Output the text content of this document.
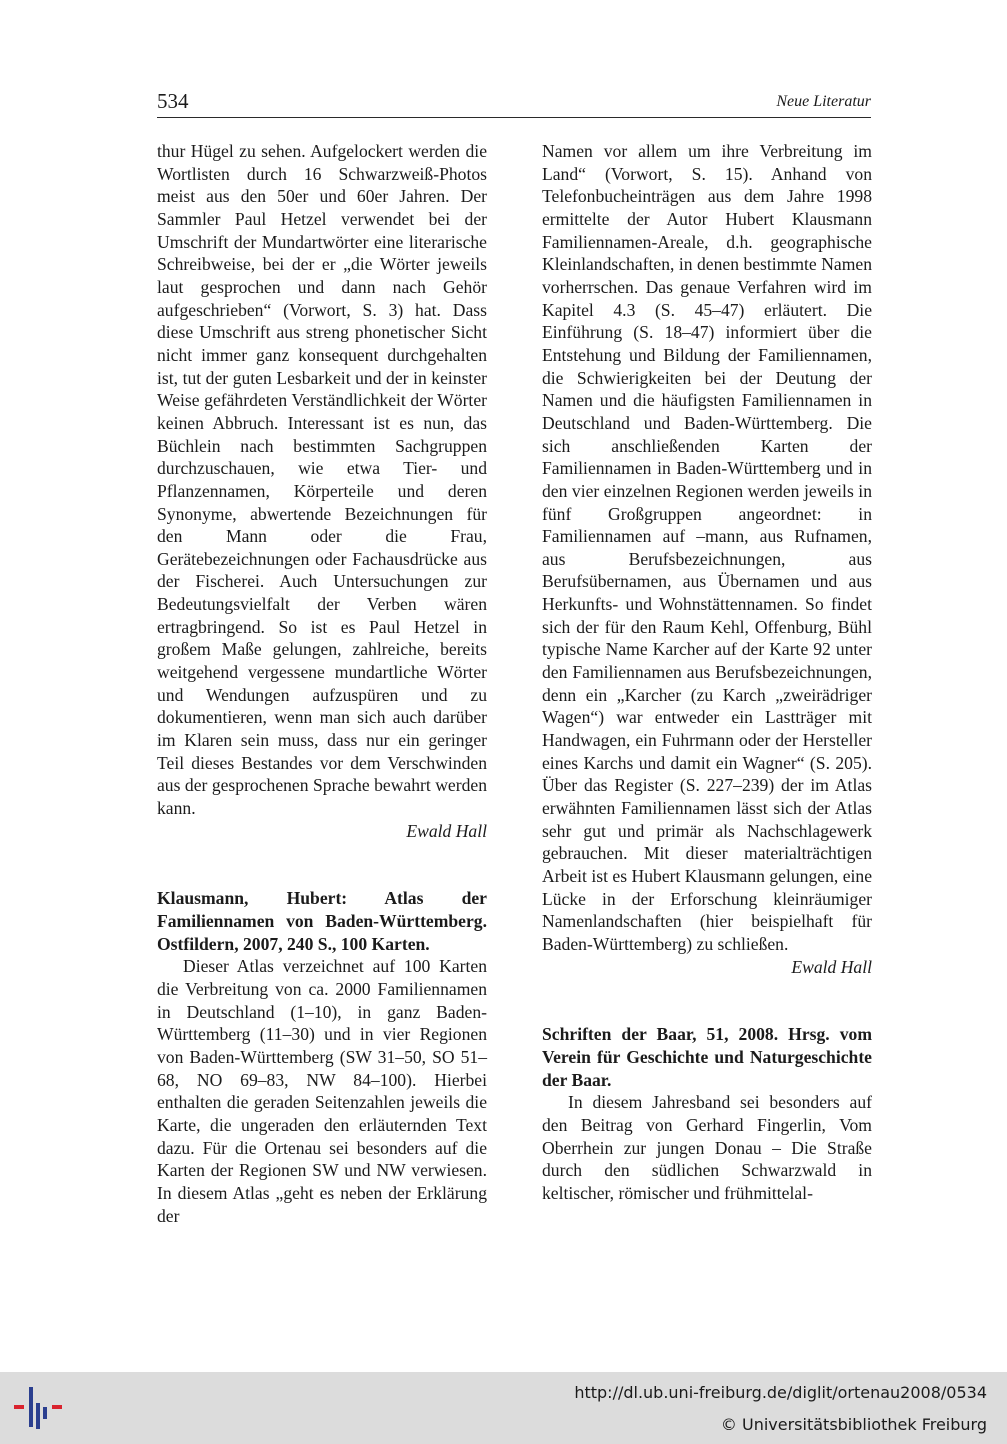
534	Neue Literatur

thur Hügel zu sehen. Aufgelockert werden die Wortlisten durch 16 Schwarzweiß-Photos meist aus den 50er und 60er Jahren. Der Sammler Paul Hetzel verwendet bei der Umschrift der Mundartwörter eine literarische Schreibweise, bei der er „die Wörter jeweils laut gesprochen und dann nach Gehör aufgeschrieben“ (Vorwort, S. 3) hat. Dass diese Umschrift aus streng phonetischer Sicht nicht immer ganz konsequent durchgehalten ist, tut der guten Lesbarkeit und der in keinster Weise gefährdeten Verständlichkeit der Wörter keinen Abbruch. Interessant ist es nun, das Büchlein nach bestimmten Sachgruppen durchzuschauen, wie etwa Tier- und Pflanzennamen, Körperteile und deren Synonyme, abwertende Bezeichnungen für den Mann oder die Frau, Gerätebezeichnungen oder Fachausdrücke aus der Fischerei. Auch Untersuchungen zur Bedeutungsvielfalt der Verben wären ertragbringend. So ist es Paul Hetzel in großem Maße gelungen, zahlreiche, bereits weitgehend vergessene mundartliche Wörter und Wendungen aufzuspüren und zu dokumentieren, wenn man sich auch darüber im Klaren sein muss, dass nur ein geringer Teil dieses Bestandes vor dem Verschwinden aus der gesprochenen Sprache bewahrt werden kann.

Ewald Hall

Klausmann, Hubert: Atlas der Familiennamen von Baden-Württemberg. Ostfildern, 2007, 240 S., 100 Karten.

Dieser Atlas verzeichnet auf 100 Karten die Verbreitung von ca. 2000 Familiennamen in Deutschland (1–10), in ganz Baden-Württemberg (11–30) und in vier Regionen von Baden-Württemberg (SW 31–50, SO 51–68, NO 69–83, NW 84–100). Hierbei enthalten die geraden Seitenzahlen jeweils die Karte, die ungeraden den erläuternden Text dazu. Für die Ortenau sei besonders auf die Karten der Regionen SW und NW verwiesen. In diesem Atlas „geht es neben der Erklärung der

Namen vor allem um ihre Verbreitung im Land“ (Vorwort, S. 15). Anhand von Telefonbucheinträgen aus dem Jahre 1998 ermittelte der Autor Hubert Klausmann Familiennamen-Areale, d.h. geographische Kleinlandschaften, in denen bestimmte Namen vorherrschen. Das genaue Verfahren wird im Kapitel 4.3 (S. 45–47) erläutert. Die Einführung (S. 18–47) informiert über die Entstehung und Bildung der Familiennamen, die Schwierigkeiten bei der Deutung der Namen und die häufigsten Familiennamen in Deutschland und Baden-Württemberg. Die sich anschließenden Karten der Familiennamen in Baden-Württemberg und in den vier einzelnen Regionen werden jeweils in fünf Großgruppen angeordnet: in Familiennamen auf –mann, aus Rufnamen, aus Berufsbezeichnungen, aus Berufsübernamen, aus Übernamen und aus Herkunfts- und Wohnstättennamen. So findet sich der für den Raum Kehl, Offenburg, Bühl typische Name Karcher auf der Karte 92 unter den Familiennamen aus Berufsbezeichnungen, denn ein „Karcher (zu Karch „zweirädriger Wagen“) war entweder ein Lastträger mit Handwagen, ein Fuhrmann oder der Hersteller eines Karchs und damit ein Wagner“ (S. 205). Über das Register (S. 227–239) der im Atlas erwähnten Familiennamen lässt sich der Atlas sehr gut und primär als Nachschlagewerk gebrauchen. Mit dieser materialträchtigen Arbeit ist es Hubert Klausmann gelungen, eine Lücke in der Erforschung kleinräumiger Namenlandschaften (hier beispielhaft für Baden-Württemberg) zu schließen.

Ewald Hall

Schriften der Baar, 51, 2008. Hrsg. vom Verein für Geschichte und Naturgeschichte der Baar.

In diesem Jahresband sei besonders auf den Beitrag von Gerhard Fingerlin, Vom Oberrhein zur jungen Donau – Die Straße durch den südlichen Schwarzwald in keltischer, römischer und frühmittelal-

http://dl.ub.uni-freiburg.de/diglit/ortenau2008/0534
© Universitätsbibliothek Freiburg
